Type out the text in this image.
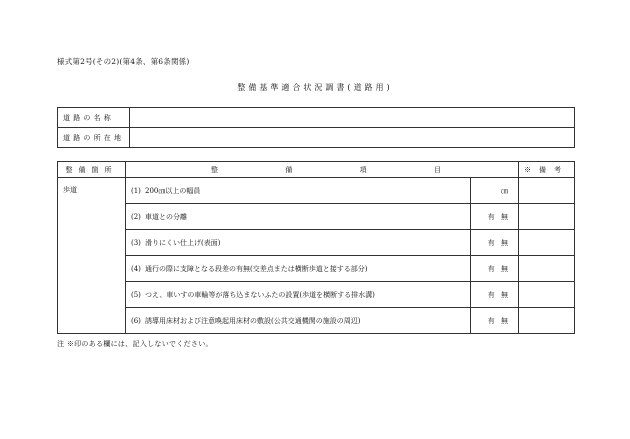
様式第2号(その2)(第4条、第6条関係)
整備基準適合状況調書(道路用)
道路の名称	
道路の所在地	
整備箇所	整 備 項 目			※備考
歩道	(1)	200㎝以上の幅員	㎝	
	(2)	車道との分離	有 無	
	(3)	滑りにくい仕上げ(表面)	有 無	
	(4)	通行の際に支障となる段差の有無(交差点または横断歩道と接する部分)	有 無	
	(5)	つえ、車いすの車輪等が落ち込まないふたの設置(歩道を横断する排水溝)	有 無	
	(6)	誘導用床材および注意喚起用床材の敷設(公共交通機関の施設の周辺)	有 無	
注 ※印のある欄には、記入しないでください。
